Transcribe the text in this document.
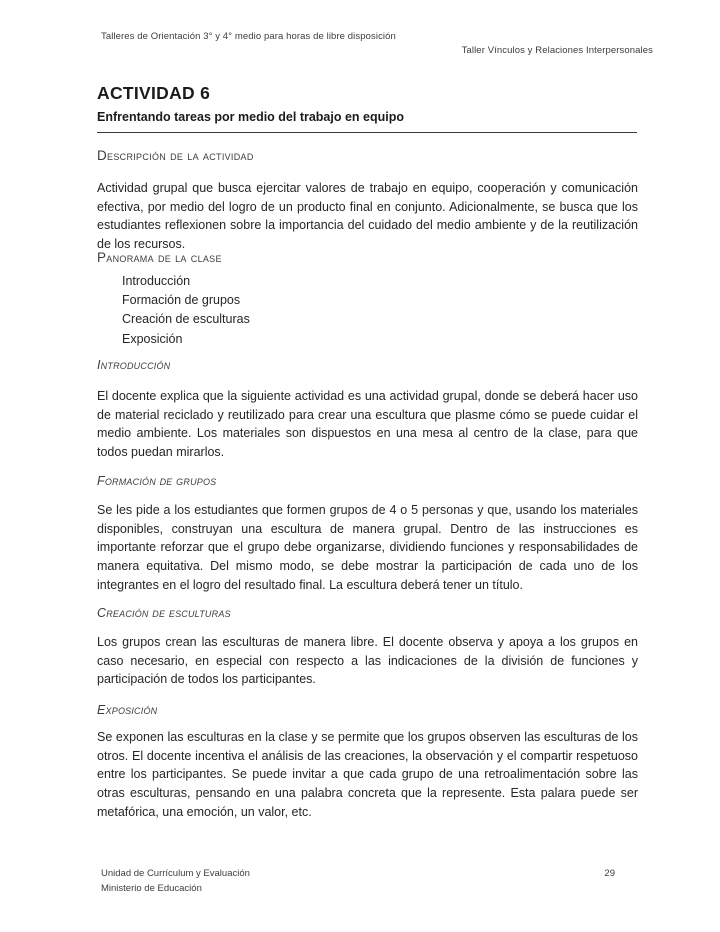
Talleres de Orientación 3° y 4° medio para horas de libre disposición
Taller Vínculos y Relaciones Interpersonales
ACTIVIDAD 6
Enfrentando tareas por medio del trabajo en equipo
Descripción de la actividad

Actividad grupal que busca ejercitar valores de trabajo en equipo, cooperación y comunicación efectiva, por medio del logro de un producto final en conjunto. Adicionalmente, se busca que los estudiantes reflexionen sobre la importancia del cuidado del medio ambiente y de la reutilización de los recursos.

Panorama de la clase
Introducción
Formación de grupos
Creación de esculturas
Exposición
Introducción

El docente explica que la siguiente actividad es una actividad grupal, donde se deberá hacer uso de material reciclado y reutilizado para crear una escultura que plasme cómo se puede cuidar el medio ambiente. Los materiales son dispuestos en una mesa al centro de la clase, para que todos puedan mirarlos.

Formación de grupos

Se les pide a los estudiantes que formen grupos de 4 o 5 personas y que, usando los materiales disponibles, construyan una escultura de manera grupal. Dentro de las instrucciones es importante reforzar que el grupo debe organizarse, dividiendo funciones y responsabilidades de manera equitativa. Del mismo modo, se debe mostrar la participación de cada uno de los integrantes en el logro del resultado final. La escultura deberá tener un título.

Creación de esculturas

Los grupos crean las esculturas de manera libre. El docente observa y apoya a los grupos en caso necesario, en especial con respecto a las indicaciones de la división de funciones y participación de todos los participantes.

Exposición

Se exponen las esculturas en la clase y se permite que los grupos observen las esculturas de los otros. El docente incentiva el análisis de las creaciones, la observación y el compartir respetuoso entre los participantes. Se puede invitar a que cada grupo de una retroalimentación sobre las otras esculturas, pensando en una palabra concreta que la represente. Esta palara puede ser metafórica, una emoción, un valor, etc.

Unidad de Currículum y Evaluación
Ministerio de Educación
29
